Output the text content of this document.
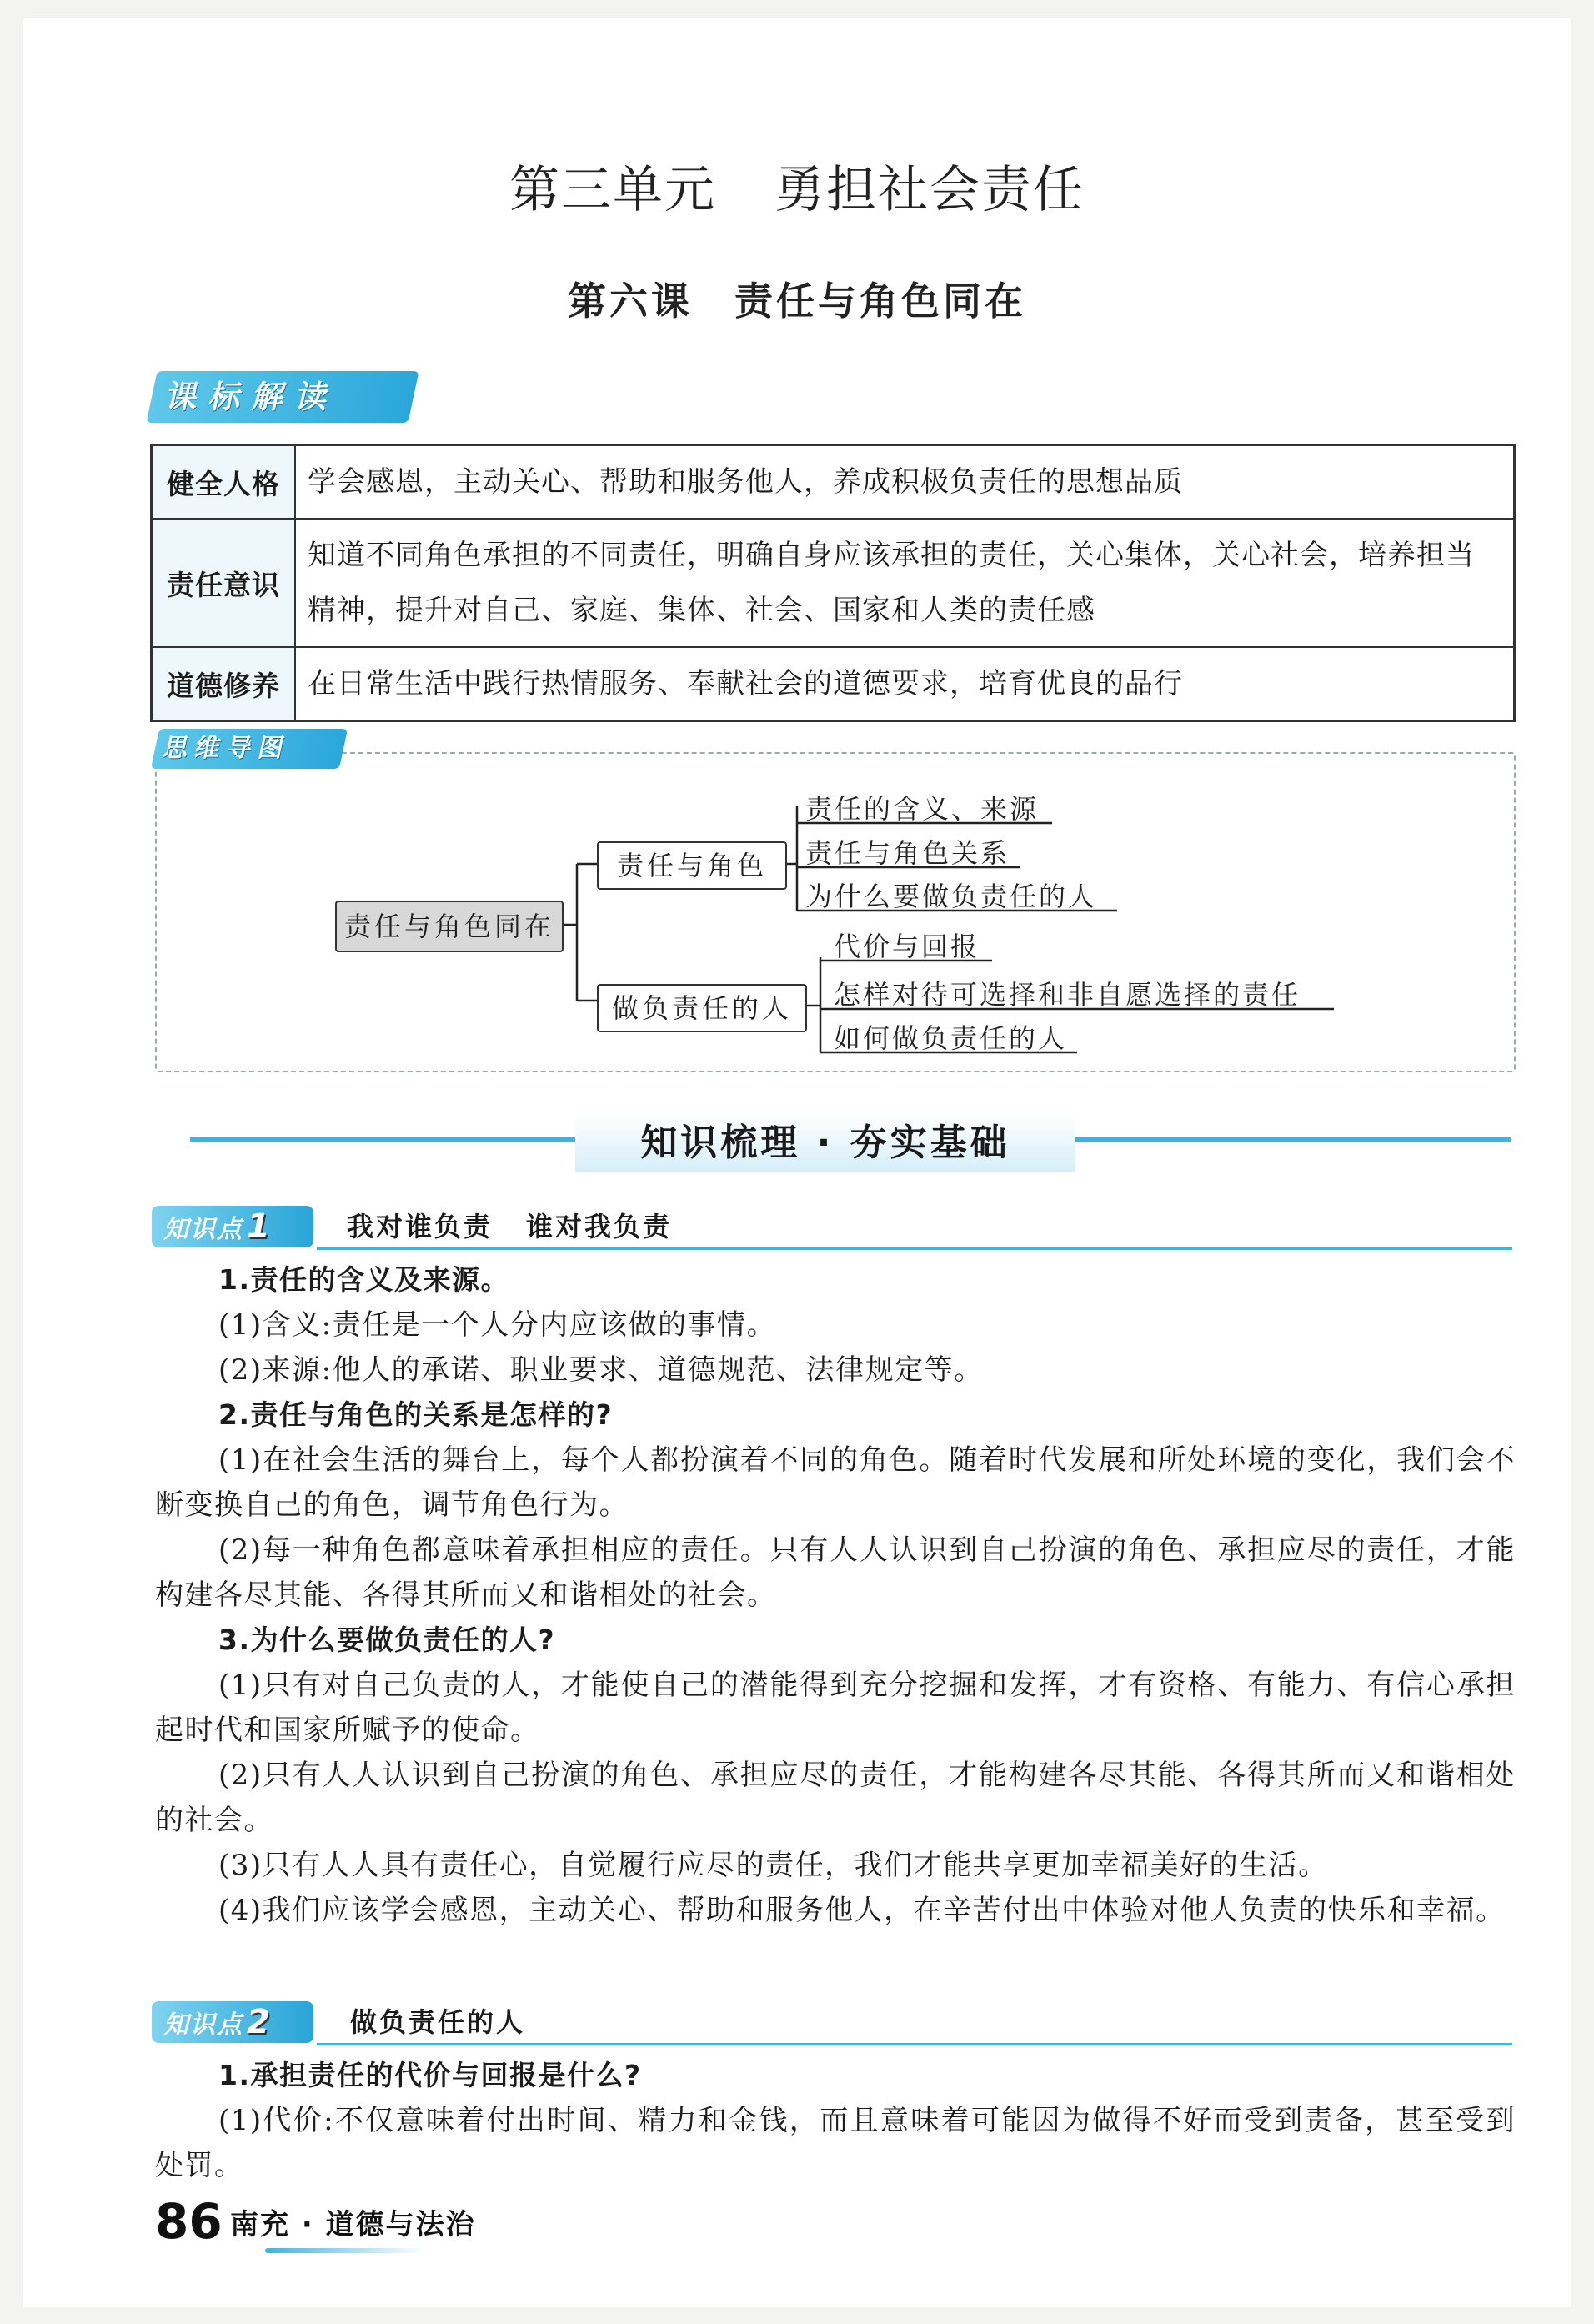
第三单元 勇担社会责任
第六课 责任与角色同在
课标解读
健全人格	学会感恩，主动关心、帮助和服务他人，养成积极负责任的思想品质
责任意识	知道不同角色承担的不同责任，明确自身应该承担的责任，关心集体，关心社会，培养担当精神，提升对自己、家庭、集体、社会、国家和人类的责任感
道德修养	在日常生活中践行热情服务、奉献社会的道德要求，培育优良的品行
思维导图
责任与角色同在
责任与角色
做负责任的人
责任的含义、来源
责任与角色关系
为什么要做负责任的人
代价与回报
怎样对待可选择和非自愿选择的责任
如何做负责任的人
知识梳理 · 夯实基础
知识点 1	我对谁负责 谁对我负责

1.责任的含义及来源。

(1)含义:责任是一个人分内应该做的事情。

(2)来源:他人的承诺、职业要求、道德规范、法律规定等。

2.责任与角色的关系是怎样的?

(1)在社会生活的舞台上，每个人都扮演着不同的角色。随着时代发展和所处环境的变化，我们会不断变换自己的角色，调节角色行为。

(2)每一种角色都意味着承担相应的责任。只有人人认识到自己扮演的角色、承担应尽的责任，才能构建各尽其能、各得其所而又和谐相处的社会。

3.为什么要做负责任的人?

(1)只有对自己负责的人，才能使自己的潜能得到充分挖掘和发挥，才有资格、有能力、有信心承担起时代和国家所赋予的使命。

(2)只有人人认识到自己扮演的角色、承担应尽的责任，才能构建各尽其能、各得其所而又和谐相处的社会。

(3)只有人人具有责任心，自觉履行应尽的责任，我们才能共享更加幸福美好的生活。

(4)我们应该学会感恩，主动关心、帮助和服务他人，在辛苦付出中体验对他人负责的快乐和幸福。

知识点 2	做负责任的人

1.承担责任的代价与回报是什么?

(1)代价:不仅意味着付出时间、精力和金钱，而且意味着可能因为做得不好而受到责备，甚至受到处罚。

86 南充 · 道德与法治
